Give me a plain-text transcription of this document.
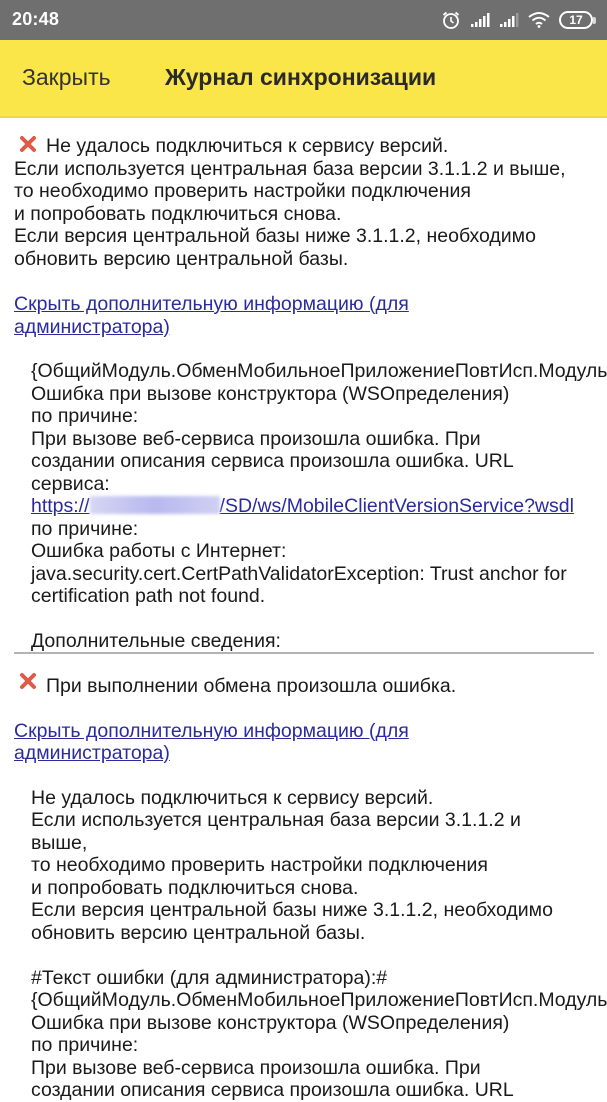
20:48	17
Закрыть Журнал синхронизации
Не удалось подключиться к сервису версий.
Если используется центральная база версии 3.1.1.2 и выше,
то необходимо проверить настройки подключения
и попробовать подключиться снова.
Если версия центральной базы ниже 3.1.1.2, необходимо
обновить версию центральной базы.
Скрыть дополнительную информацию (для
администратора)
{ОбщийМодуль.ОбменМобильноеПриложениеПовтИсп.Модуль
Ошибка при вызове конструктора (WSОпределения)
по причине:
При вызове веб-сервиса произошла ошибка. При
создании описания сервиса произошла ошибка. URL
сервиса:
https://	/SD/ws/MobileClientVersionService?wsdl
по причине:
Ошибка работы с Интернет:
java.security.cert.CertPathValidatorException: Trust anchor for
certification path not found.
Дополнительные сведения:
При выполнении обмена произошла ошибка.
Скрыть дополнительную информацию (для
администратора)
Не удалось подключиться к сервису версий.
Если используется центральная база версии 3.1.1.2 и
выше,
то необходимо проверить настройки подключения
и попробовать подключиться снова.
Если версия центральной базы ниже 3.1.1.2, необходимо
обновить версию центральной базы.
#Текст ошибки (для администратора):#
{ОбщийМодуль.ОбменМобильноеПриложениеПовтИсп.Модуль
Ошибка при вызове конструктора (WSОпределения)
по причине:
При вызове веб-сервиса произошла ошибка. При
создании описания сервиса произошла ошибка. URL
